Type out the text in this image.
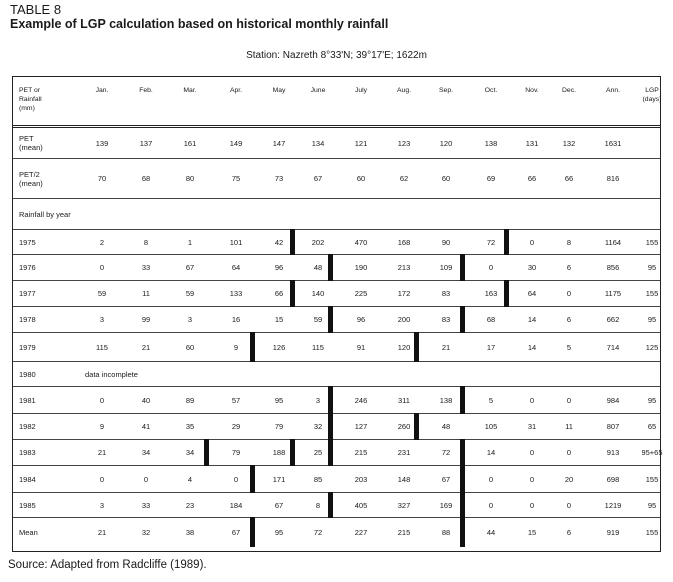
TABLE 8
Example of LGP calculation based on historical monthly rainfall
Station: Nazreth 8°33'N; 39°17'E; 1622m
PET or
Rainfall
(mm)
Jan.	Feb.	Mar.	Apr.	May	June	July	Aug.	Sep.	Oct.	Nov.	Dec.	Ann.	LGP
(days)
PET
(mean)	139	137	161	149	147	134	121	123	120	138	131	132	1631
PET/2
(mean)	70	68	80	75	73	67	60	62	60	69	66	66	816
Rainfall by year
1975	2	8	1	101	42	202	470	168	90	72	0	8	1164	155
1976	0	33	67	64	96	48	190	213	109	0	30	6	856	95
1977	59	11	59	133	66	140	225	172	83	163	64	0	1175	155
1978	3	99	3	16	15	59	96	200	83	68	14	6	662	95
1979	115	21	60	9	126	115	91	120	21	17	14	5	714	125
1980	data incomplete
1981	0	40	89	57	95	3	246	311	138	5	0	0	984	95
1982	9	41	35	29	79	32	127	260	48	105	31	11	807	65
1983	21	34	34	79	188	25	215	231	72	14	0	0	913	95+65
1984	0	0	4	0	171	85	203	148	67	0	0	20	698	155
1985	3	33	23	184	67	8	405	327	169	0	0	0	1219	95
Mean	21	32	38	67	95	72	227	215	88	44	15	6	919	155
Source: Adapted from Radcliffe (1989).
